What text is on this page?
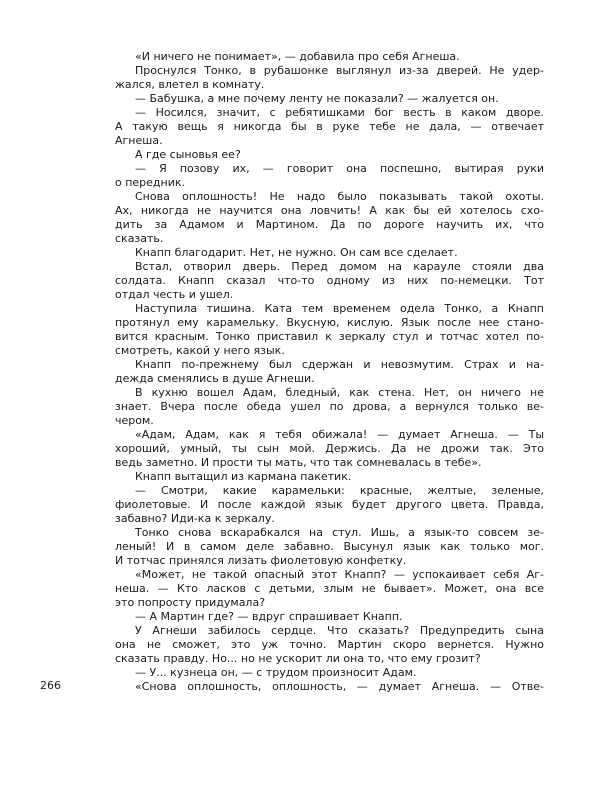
«И ничего не понимает», — добавила про себя Агнеша.
Проснулся Тонко, в рубашонке выглянул из-за дверей. Не удер-
жался, влетел в комнату.
— Бабушка, а мне почему ленту не показали? — жалуется он.
— Носился, значит, с ребятишками бог весть в каком дворе.
А такую вещь я никогда бы в руке тебе не дала, — отвечает
Агнеша.
А где сыновья ее?
— Я позову их, — говорит она поспешно, вытирая руки
о передник.
Снова оплошность! Не надо было показывать такой охоты.
Ах, никогда не научится она ловчить! А как бы ей хотелось схо-
дить за Адамом и Мартином. Да по дороге научить их, что
сказать.
Кнапп благодарит. Нет, не нужно. Он сам все сделает.
Встал, отворил дверь. Перед домом на карауле стояли два
солдата. Кнапп сказал что-то одному из них по-немецки. Тот
отдал честь и ушел.
Наступила тишина. Ката тем временем одела Тонко, а Кнапп
протянул ему карамельку. Вкусную, кислую. Язык после нее стано-
вится красным. Тонко приставил к зеркалу стул и тотчас хотел по-
смотреть, какой у него язык.
Кнапп по-прежнему был сдержан и невозмутим. Страх и на-
дежда сменялись в душе Агнеши.
В кухню вошел Адам, бледный, как стена. Нет, он ничего не
знает. Вчера после обеда ушел по дрова, а вернулся только ве-
чером.
«Адам, Адам, как я тебя обижала! — думает Агнеша. — Ты
хороший, умный, ты сын мой. Держись. Да не дрожи так. Это
ведь заметно. И прости ты мать, что так сомневалась в тебе».
Кнапп вытащил из кармана пакетик.
— Смотри, какие карамельки: красные, желтые, зеленые,
фиолетовые. И после каждой язык будет другого цвета. Правда,
забавно? Иди-ка к зеркалу.
Тонко снова вскарабкался на стул. Ишь, а язык-то совсем зе-
леный! И в самом деле забавно. Высунул язык как только мог.
И тотчас принялся лизать фиолетовую конфетку.
«Может, не такой опасный этот Кнапп? — успокаивает себя Аг-
неша. — Кто ласков с детьми, злым не бывает». Может, она все
это попросту придумала?
— А Мартин где? — вдруг спрашивает Кнапп.
У Агнеши забилось сердце. Что сказать? Предупредить сына
она не сможет, это уж точно. Мартин скоро вернется. Нужно
сказать правду. Но... но не ускорит ли она то, что ему грозит?
— У... кузнеца он, — с трудом произносит Адам.
«Снова оплошность, оплошность, — думает Агнеша. — Отве-
266
